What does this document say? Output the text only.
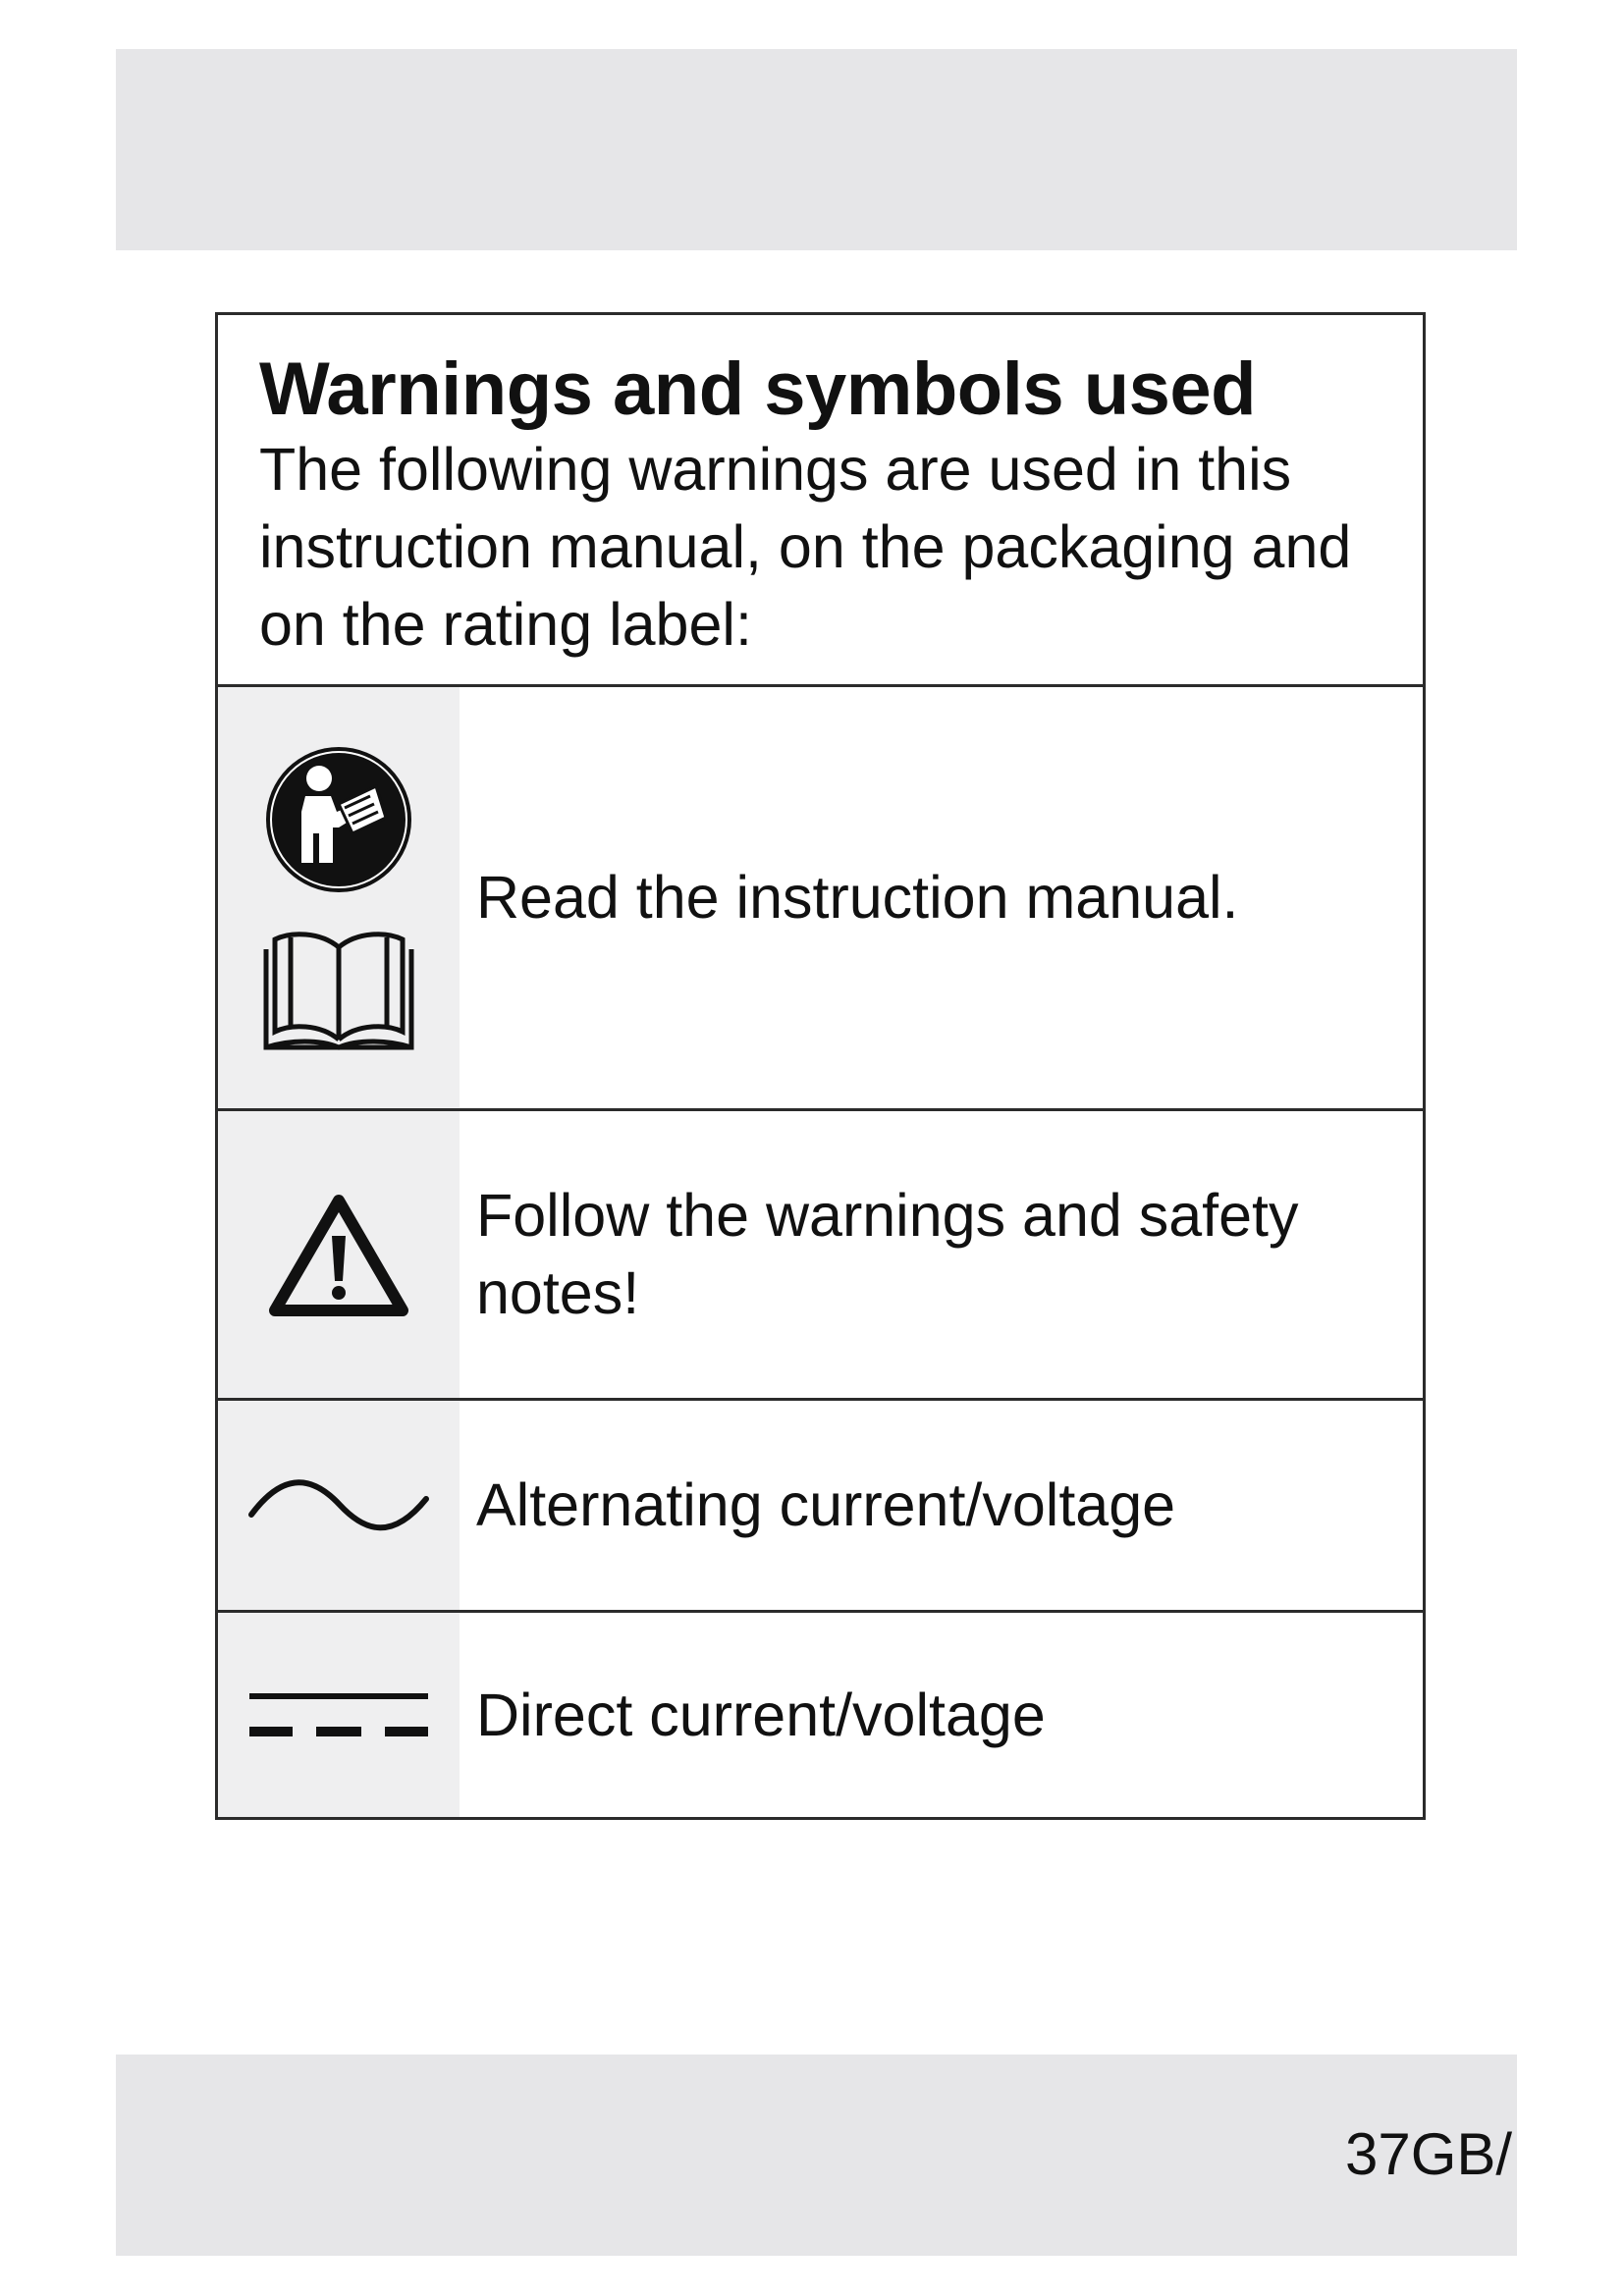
Warnings and symbols used

The following warnings are used in this instruction manual, on the packaging and on the rating label:

Read the instruction manual.
Follow the warnings and safety notes!
Alternating current/voltage
Direct current/voltage
37GB/
